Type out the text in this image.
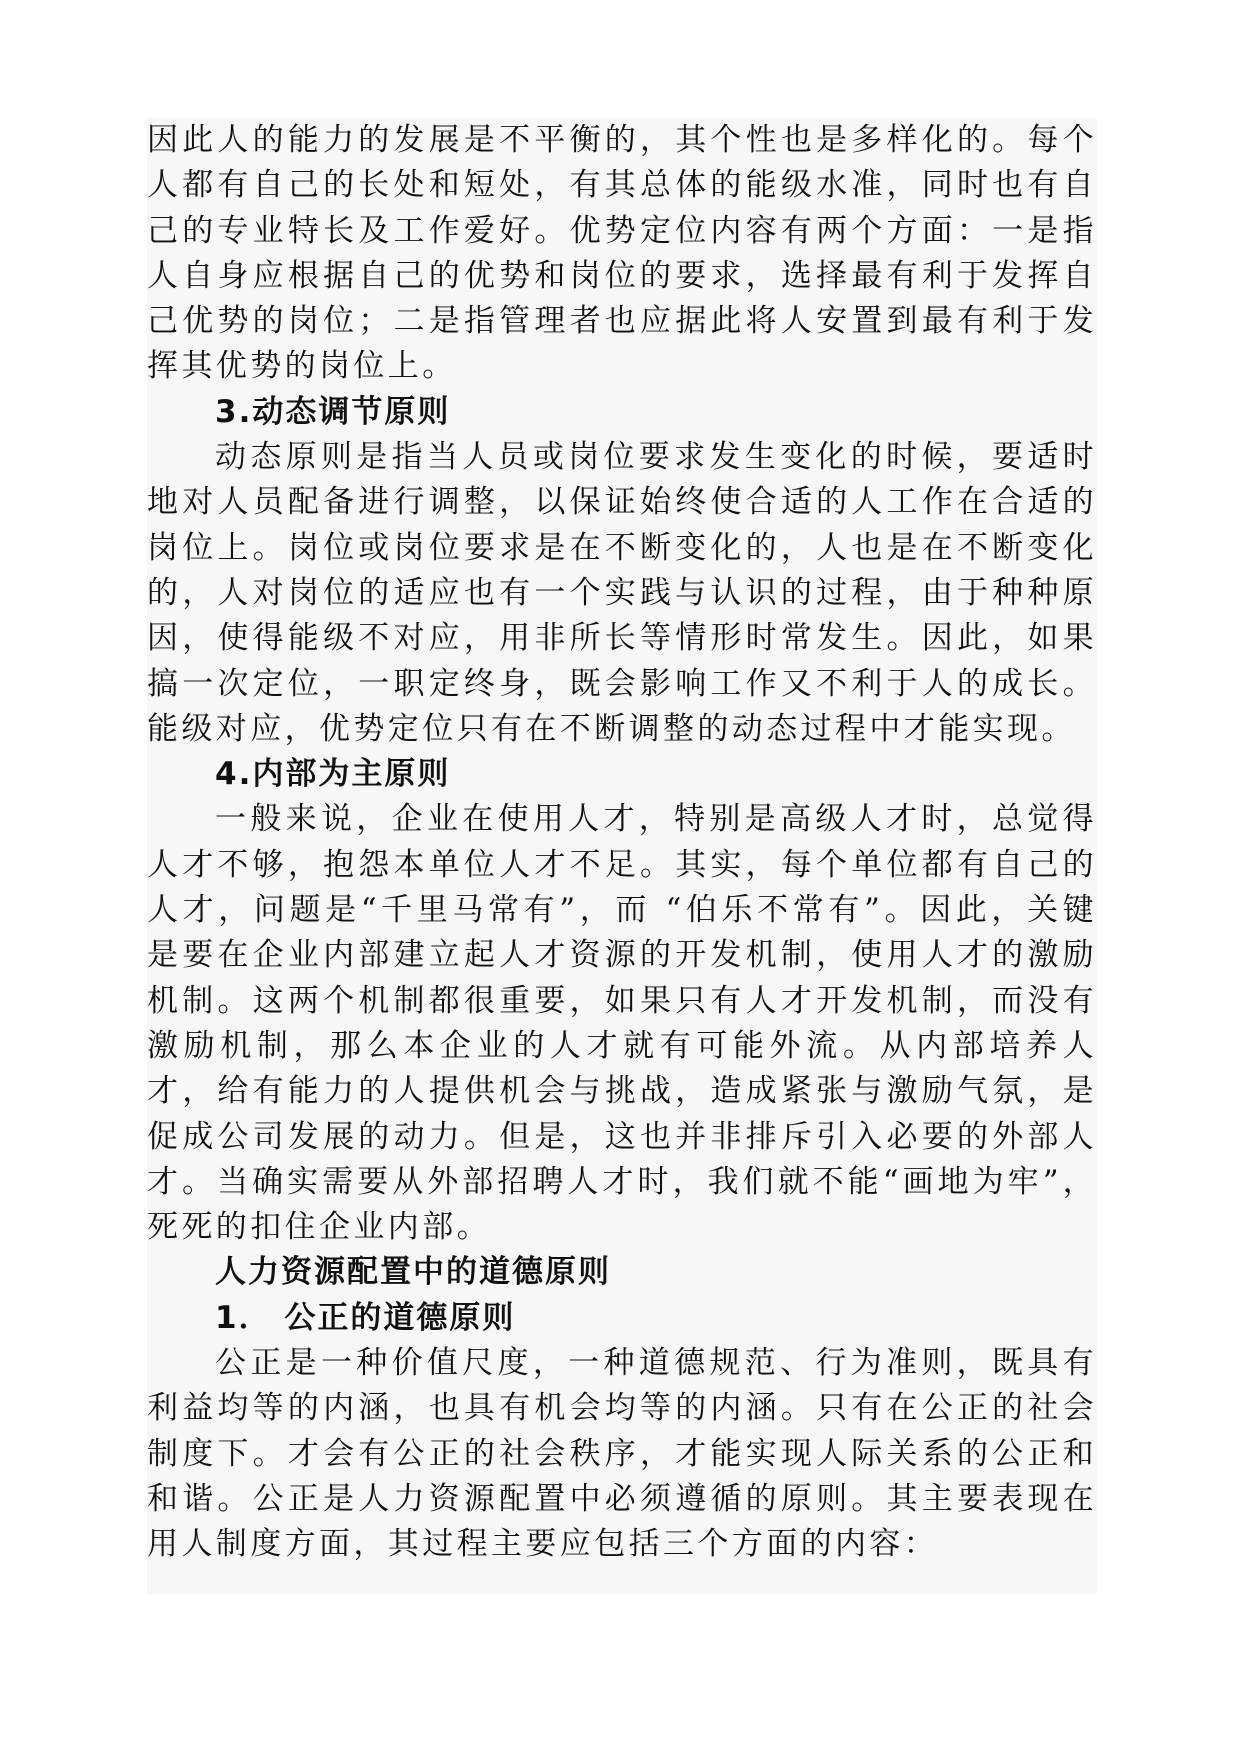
因此人的能力的发展是不平衡的，其个性也是多样化的。每个人都有自己的长处和短处，有其总体的能级水准，同时也有自己的专业特长及工作爱好。优势定位内容有两个方面：一是指人自身应根据自己的优势和岗位的要求，选择最有利于发挥自己优势的岗位；二是指管理者也应据此将人安置到最有利于发挥其优势的岗位上。

3.动态调节原则

动态原则是指当人员或岗位要求发生变化的时候，要适时地对人员配备进行调整，以保证始终使合适的人工作在合适的岗位上。岗位或岗位要求是在不断变化的，人也是在不断变化的，人对岗位的适应也有一个实践与认识的过程，由于种种原因，使得能级不对应，用非所长等情形时常发生。因此，如果搞一次定位，一职定终身，既会影响工作又不利于人的成长。能级对应，优势定位只有在不断调整的动态过程中才能实现。

4.内部为主原则

一般来说，企业在使用人才，特别是高级人才时，总觉得人才不够，抱怨本单位人才不足。其实，每个单位都有自己的人才，问题是“千里马常有”，而 “伯乐不常有”。因此，关键是要在企业内部建立起人才资源的开发机制，使用人才的激励机制。这两个机制都很重要，如果只有人才开发机制，而没有激励机制，那么本企业的人才就有可能外流。从内部培养人才，给有能力的人提供机会与挑战，造成紧张与激励气氛，是促成公司发展的动力。但是，这也并非排斥引入必要的外部人才。当确实需要从外部招聘人才时，我们就不能“画地为牢”，死死的扣住企业内部。

人力资源配置中的道德原则
1． 公正的道德原则

公正是一种价值尺度，一种道德规范、行为准则，既具有利益均等的内涵，也具有机会均等的内涵。只有在公正的社会制度下。才会有公正的社会秩序，才能实现人际关系的公正和和谐。公正是人力资源配置中必须遵循的原则。其主要表现在用人制度方面，其过程主要应包括三个方面的内容：
